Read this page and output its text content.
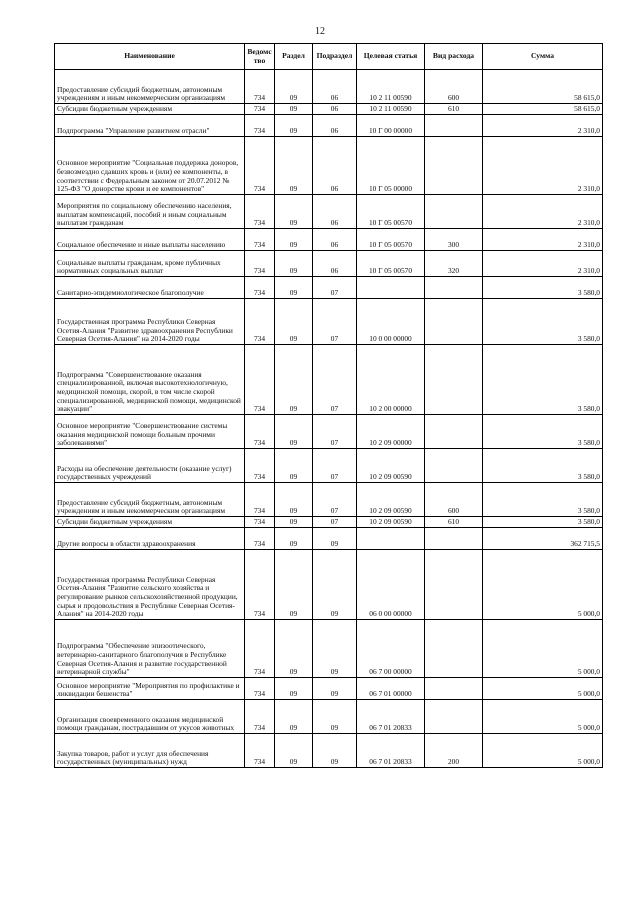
12
Наименование	Ведомс тво	Раздел	Подраздел	Целевая статья	Вид расхода	Сумма
Предоставление субсидий бюджетным, автономным учреждениям и иным некоммерческим организациям	734	09	06	10 2 11 00590	600	58 615,0
Субсидии бюджетным учреждениям	734	09	06	10 2 11 00590	610	58 615,0
Подпрограмма "Управление развитием отрасли"	734	09	06	10 Г 00 00000		2 310,0
Основное мероприятие "Социальная поддержка доноров, безвозмездно сдавших кровь и (или) ее компоненты, в соответствии с Федеральным законом от 20.07.2012 № 125-ФЗ "О донорстве крови и ее компонентов"	734	09	06	10 Г 05 00000		2 310,0
Мероприятия по социальному обеспечению населения, выплатам компенсаций, пособий и иным социальным выплатам гражданам	734	09	06	10 Г 05 00570		2 310,0
Социальное обеспечение и иные выплаты населению	734	09	06	10 Г 05 00570	300	2 310,0
Социальные выплаты гражданам, кроме публичных нормативных социальных выплат	734	09	06	10 Г 05 00570	320	2 310,0
Санитарно-эпидемиологическое благополучие	734	09	07			3 580,0
Государственная программа Республики Северная Осетия-Алания "Развитие здравоохранения Республики Северная Осетия-Алания" на 2014-2020 годы	734	09	07	10 0 00 00000		3 580,0
Подпрограмма "Совершенствование оказания специализированной, включая высокотехнологичную, медицинской помощи, скорой, в том числе скорой специализированной, медицинской помощи, медицинской эвакуации"	734	09	07	10 2 00 00000		3 580,0
Основное мероприятие "Совершенствование системы оказания медицинской помощи больным прочими заболеваниями"	734	09	07	10 2 09 00000		3 580,0
Расходы на обеспечение деятельности (оказание услуг) государственных учреждений	734	09	07	10 2 09 00590		3 580,0
Предоставление субсидий бюджетным, автономным учреждениям и иным некоммерческим организациям	734	09	07	10 2 09 00590	600	3 580,0
Субсидии бюджетным учреждениям	734	09	07	10 2 09 00590	610	3 580,0
Другие вопросы в области здравоохранения	734	09	09			362 715,5
Государственная программа Республики Северная Осетия-Алания "Развитие сельского хозяйства и регулирование рынков сельскохозяйственной продукции, сырья и продовольствия в Республике Северная Осетия-Алания" на 2014-2020 годы	734	09	09	06 0 00 00000		5 000,0
Подпрограмма "Обеспечение эпизоотического, ветеринарно-санитарного благополучия в Республике Северная Осетия-Алания и развитие государственной ветеринарной службы"	734	09	09	06 7 00 00000		5 000,0
Основное мероприятие "Мероприятия по профилактике и ликвидации бешенства"	734	09	09	06 7 01 00000		5 000,0
Организация своевременного оказания медицинской помощи гражданам, пострадавшим от укусов животных	734	09	09	06 7 01 20833		5 000,0
Закупка товаров, работ и услуг для обеспечения государственных (муниципальных) нужд	734	09	09	06 7 01 20833	200	5 000,0
